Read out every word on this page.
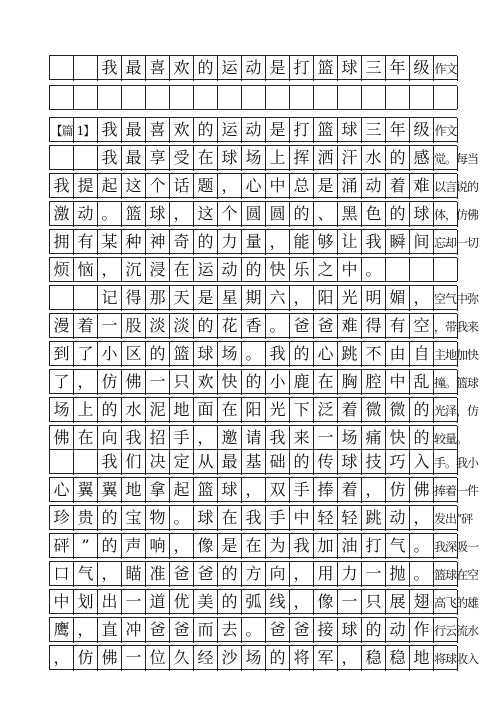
我 最 喜 欢 的 运 动 是 打 篮 球 三 年 级 作文
【篇 1】 我 最 喜 欢 的 运 动 是 打 篮 球 三 年 级 作文
我 最 享 受 在 球 场 上 挥 洒 汗 水 的 感 觉。每当
我 提 起 这 个 话 题 ， 心 中 总 是 涌 动 着 难 以言说的
激 动 。 篮 球 ， 这 个 圆 圆 的 、 黑 色 的 球 体，仿佛
拥 有 某 种 神 奇 的 力 量 ， 能 够 让 我 瞬 间 忘却一切
烦 恼 ， 沉 浸 在 运 动 的 快 乐 之 中 。
记 得 那 天 是 星 期 六 ， 阳 光 明 媚 ， 空气中弥
漫 着 一 股 淡 淡 的 花 香 。 爸 爸 难 得 有 空 ，带我来
到 了 小 区 的 篮 球 场 。 我 的 心 跳 不 由 自 主地加快
了 ， 仿 佛 一 只 欢 快 的 小 鹿 在 胸 腔 中 乱 撞。篮球
场 上 的 水 泥 地 面 在 阳 光 下 泛 着 微 微 的 光泽，仿
佛 在 向 我 招 手 ， 邀 请 我 来 一 场 痛 快 的 较量。
我 们 决 定 从 最 基 础 的 传 球 技 巧 入 手。我小
心 翼 翼 地 拿 起 篮 球 ， 双 手 捧 着 ， 仿 佛 捧着一件
珍 贵 的 宝 物 。 球 在 我 手 中 轻 轻 跳 动 ， 发出“砰
砰 ” 的 声 响 ， 像 是 在 为 我 加 油 打 气 。 我深吸一
口 气 ， 瞄 准 爸 爸 的 方 向 ， 用 力 一 抛 。 篮球在空
中 划 出 一 道 优 美 的 弧 线 ， 像 一 只 展 翅 高飞的雄
鹰 ， 直 冲 爸 爸 而 去 。 爸 爸 接 球 的 动 作 行云流水
， 仿 佛 一 位 久 经 沙 场 的 将 军 ， 稳 稳 地 将球收入
